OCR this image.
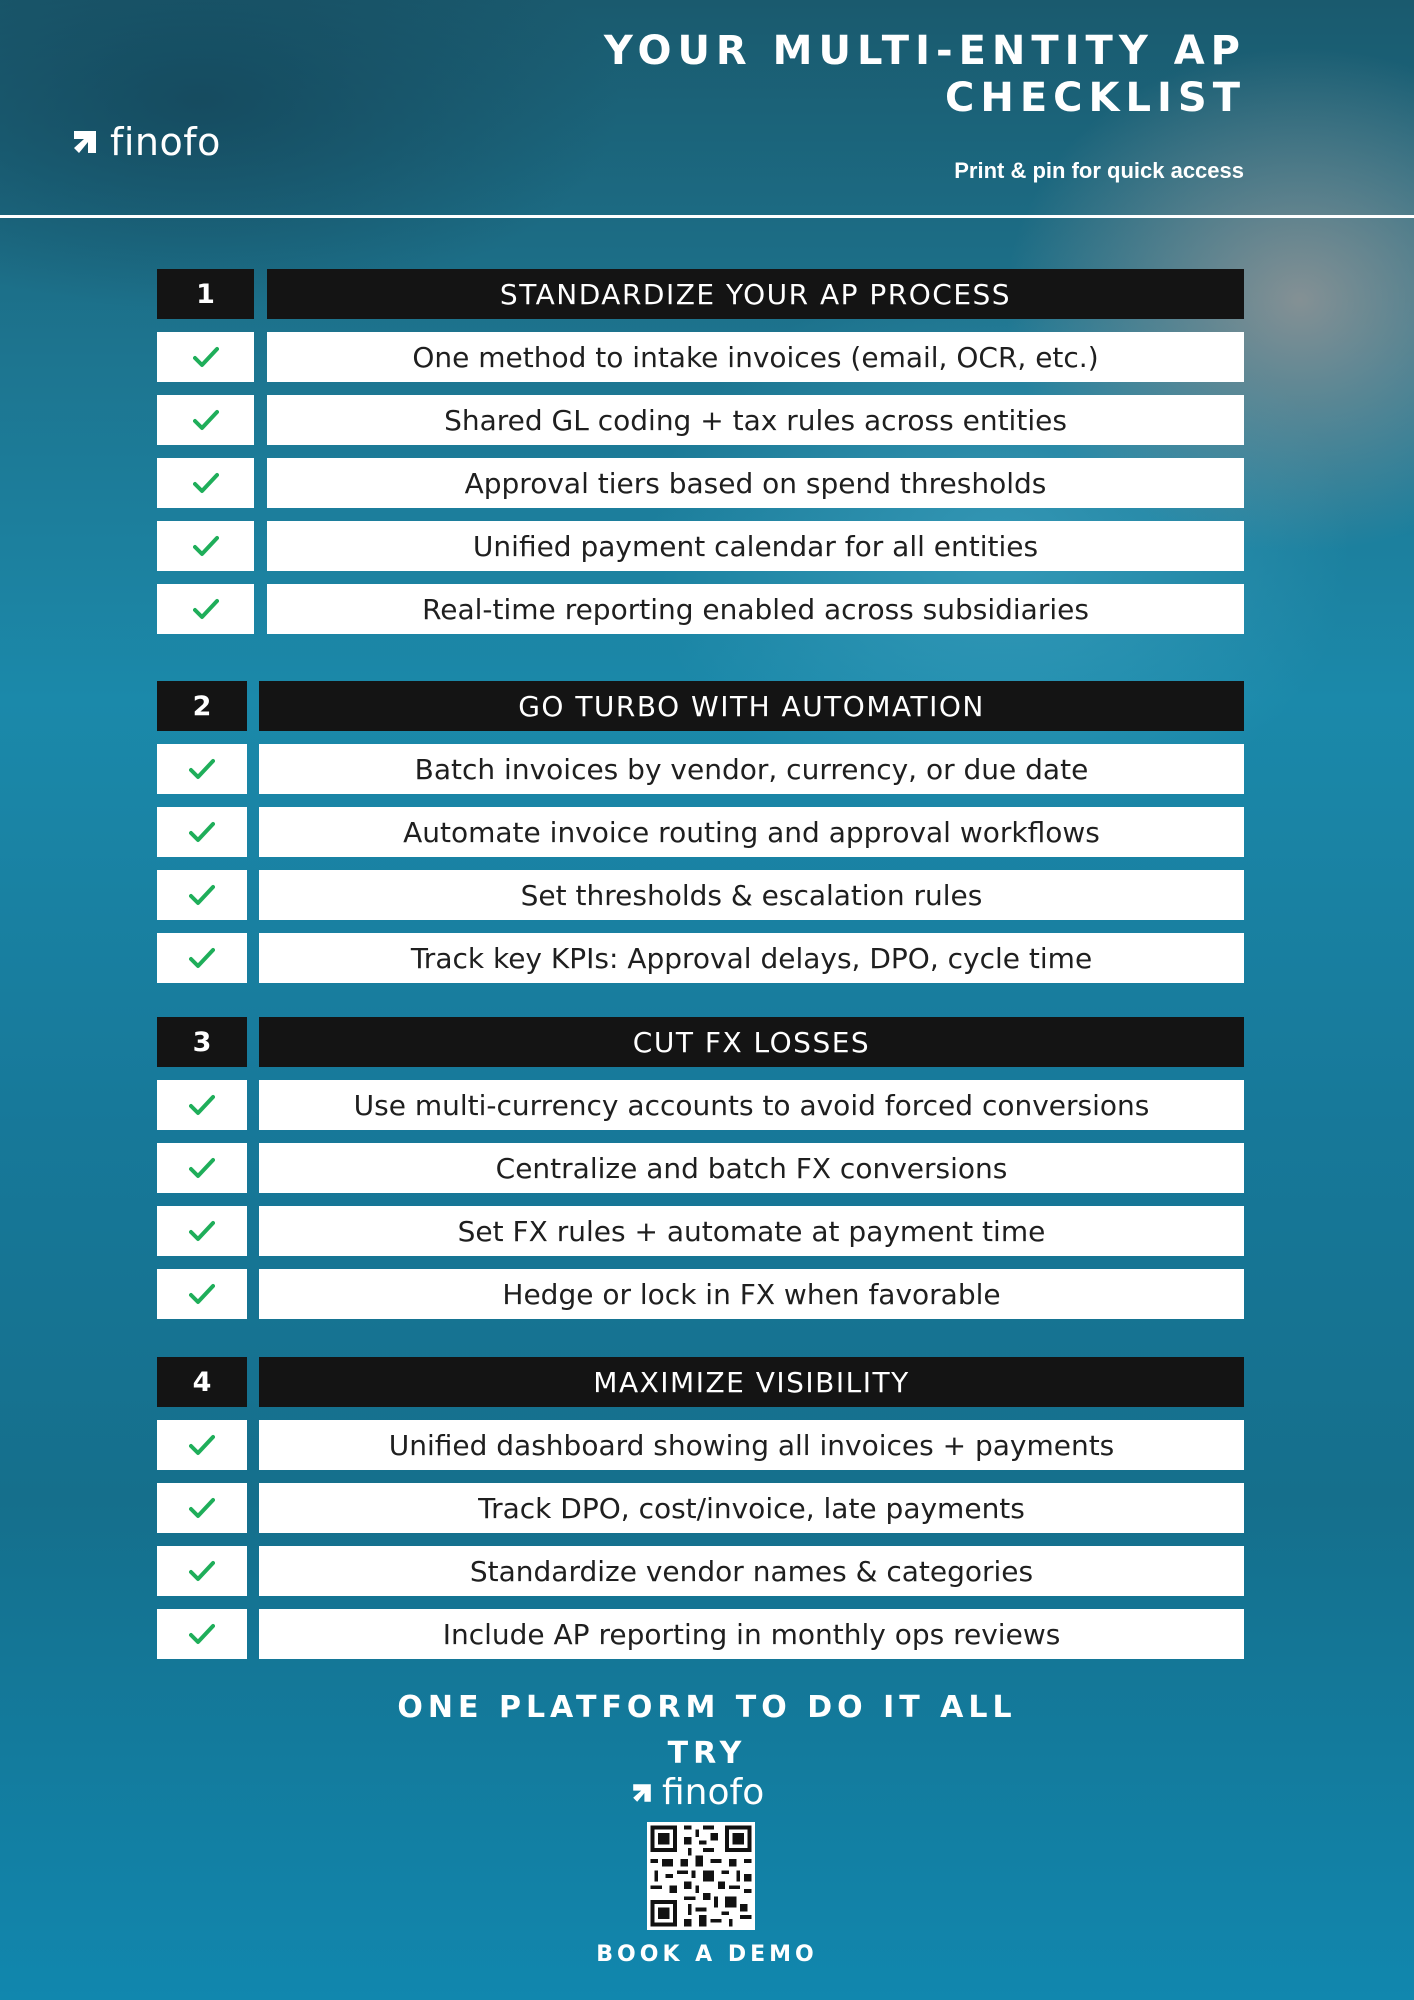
finofo
YOUR MULTI-ENTITY AP
CHECKLIST
Print & pin for quick access
1	STANDARDIZE YOUR AP PROCESS
One method to intake invoices (email, OCR, etc.)
Shared GL coding + tax rules across entities
Approval tiers based on spend thresholds
Unified payment calendar for all entities
Real-time reporting enabled across subsidiaries
2	GO TURBO WITH AUTOMATION
Batch invoices by vendor, currency, or due date
Automate invoice routing and approval workflows
Set thresholds & escalation rules
Track key KPIs: Approval delays, DPO, cycle time
3	CUT FX LOSSES
Use multi-currency accounts to avoid forced conversions
Centralize and batch FX conversions
Set FX rules + automate at payment time
Hedge or lock in FX when favorable
4	MAXIMIZE VISIBILITY
Unified dashboard showing all invoices + payments
Track DPO, cost/invoice, late payments
Standardize vendor names & categories
Include AP reporting in monthly ops reviews
ONE PLATFORM TO DO IT ALL
TRY
finofo
BOOK A DEMO
